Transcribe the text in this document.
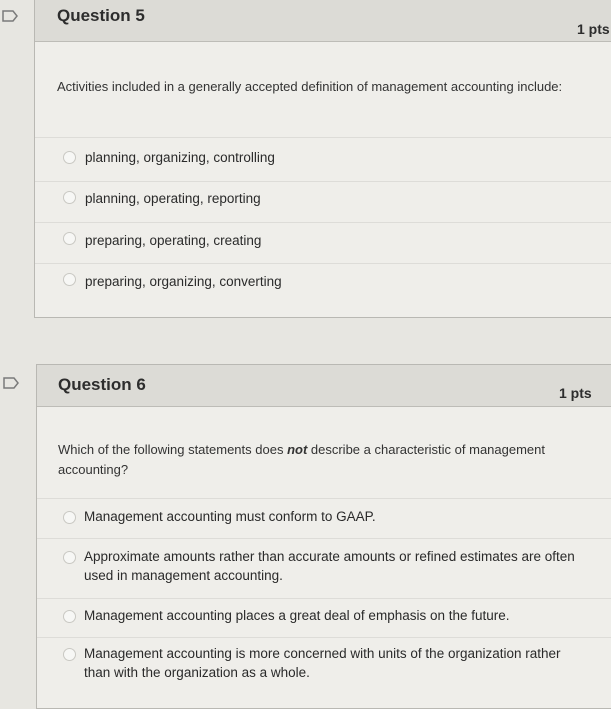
Question 5
1 pts
Activities included in a generally accepted definition of management accounting include:
planning, organizing, controlling
planning, operating, reporting
preparing, operating, creating
preparing, organizing, converting
Question 6	1 pts
Which of the following statements does not describe a characteristic of management accounting?
Management accounting must conform to GAAP.
Approximate amounts rather than accurate amounts or refined estimates are often used in management accounting.
Management accounting places a great deal of emphasis on the future.
Management accounting is more concerned with units of the organization rather than with the organization as a whole.
